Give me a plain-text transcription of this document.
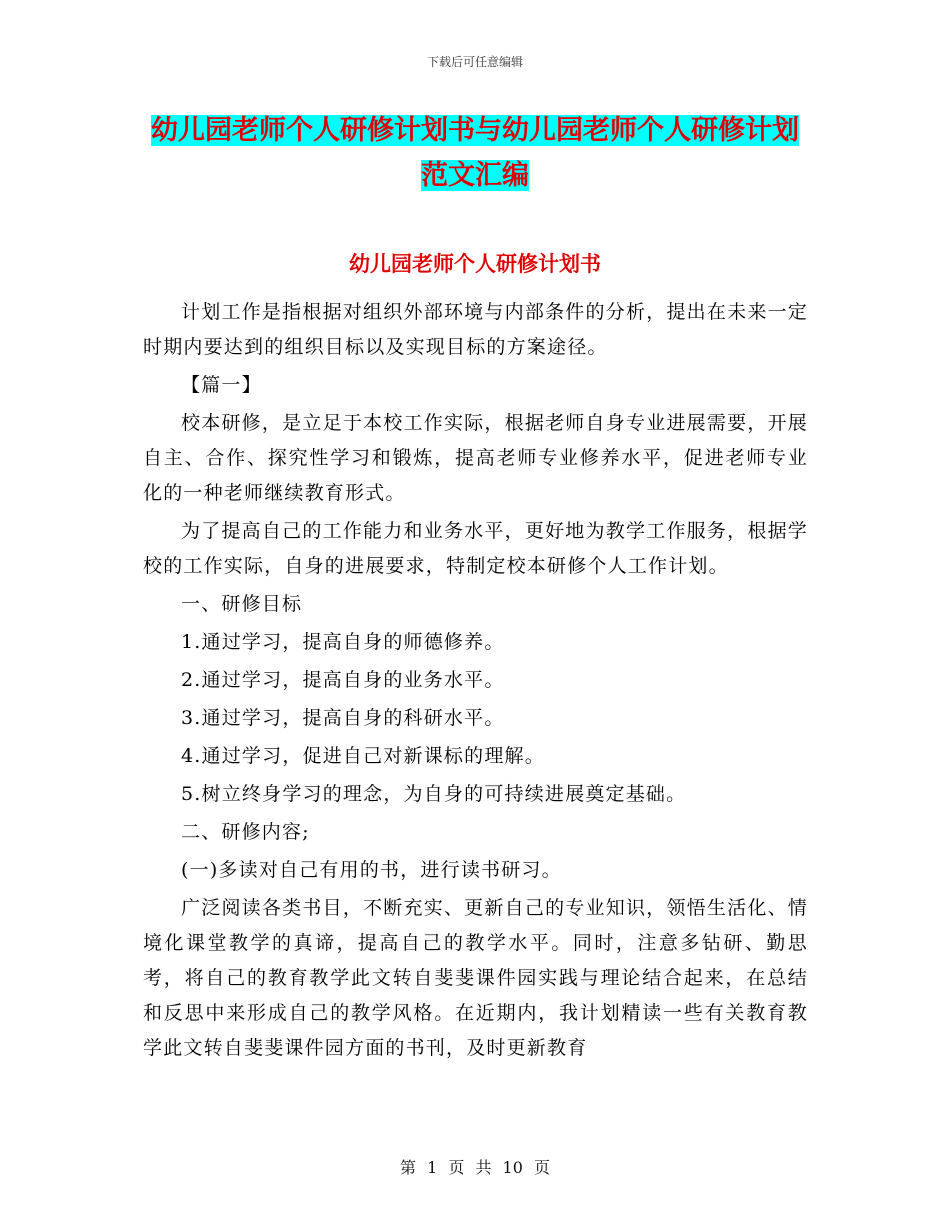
下载后可任意编辑
幼儿园老师个人研修计划书与幼儿园老师个人研修计划范文汇编
幼儿园老师个人研修计划书

计划工作是指根据对组织外部环境与内部条件的分析，提出在未来一定时期内要达到的组织目标以及实现目标的方案途径。

【篇一】

校本研修，是立足于本校工作实际，根据老师自身专业进展需要，开展自主、合作、探究性学习和锻炼，提高老师专业修养水平，促进老师专业化的一种老师继续教育形式。

为了提高自己的工作能力和业务水平，更好地为教学工作服务，根据学校的工作实际，自身的进展要求，特制定校本研修个人工作计划。

一、研修目标

1.通过学习，提高自身的师德修养。

2.通过学习，提高自身的业务水平。

3.通过学习，提高自身的科研水平。

4.通过学习，促进自己对新课标的理解。

5.树立终身学习的理念，为自身的可持续进展奠定基础。

二、研修内容;

(一)多读对自己有用的书，进行读书研习。

广泛阅读各类书目，不断充实、更新自己的专业知识，领悟生活化、情境化课堂教学的真谛，提高自己的教学水平。同时，注意多钻研、勤思考，将自己的教育教学此文转自斐斐课件园实践与理论结合起来，在总结和反思中来形成自己的教学风格。在近期内，我计划精读一些有关教育教学此文转自斐斐课件园方面的书刊，及时更新教育

第 1 页 共 10 页
